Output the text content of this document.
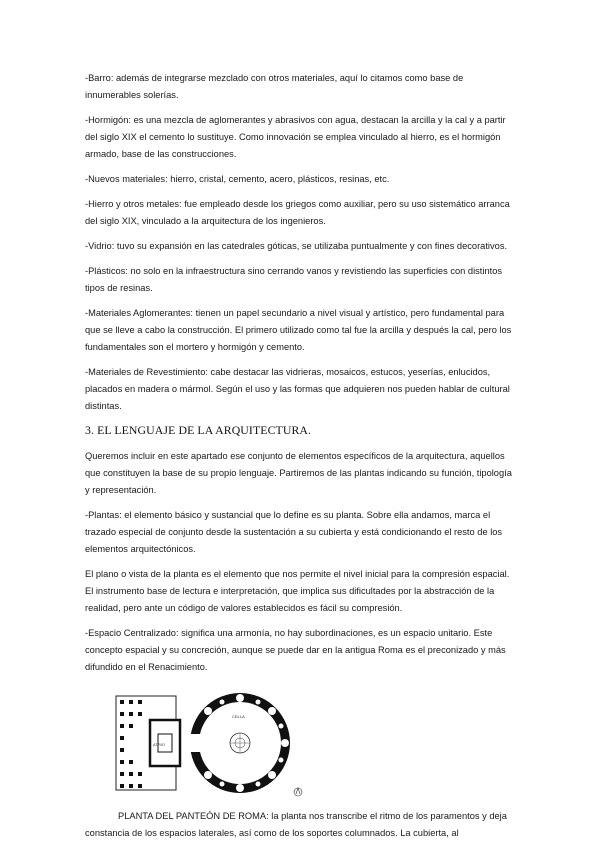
-Barro: además de integrarse mezclado con otros materiales, aquí lo citamos como base de innumerables solerías.

-Hormigón: es una mezcla de aglomerantes y abrasivos con agua, destacan la arcilla y la cal y a partir del siglo XIX el cemento lo sustituye. Como innovación se emplea vinculado al hierro, es el hormigón armado, base de las construcciones.

-Nuevos materiales: hierro, cristal, cemento, acero, plásticos, resinas, etc.

-Hierro y otros metales: fue empleado desde los griegos como auxiliar, pero su uso sistemático arranca del siglo XIX, vinculado a la arquitectura de los ingenieros.

-Vidrio: tuvo su expansión en las catedrales góticas, se utilizaba puntualmente y con fines decorativos.

-Plásticos: no solo en la infraestructura sino cerrando vanos y revistiendo las superficies con distintos tipos de resinas.

-Materiales Aglomerantes: tienen un papel secundario a nivel visual y artístico, pero fundamental para que se lleve a cabo la construcción. El primero utilizado como tal fue la arcilla y después la cal, pero los fundamentales son el mortero y hormigón y cemento.

-Materiales de Revestimiento: cabe destacar las vidrieras, mosaicos, estucos, yeserías, enlucidos, placados en madera o mármol. Según el uso y las formas que adquieren nos pueden hablar de cultural distintas.

3. EL LENGUAJE DE LA ARQUITECTURA.

Queremos incluir en este apartado ese conjunto de elementos específicos de la arquitectura, aquellos que constituyen la base de su propio lenguaje. Partiremos de las plantas indicando su función, tipología y representación.

-Plantas: el elemento básico y sustancial que lo define es su planta. Sobre ella andamos, marca el trazado especial de conjunto desde la sustentación a su cubierta y está condicionando el resto de los elementos arquitectónicos.

El plano o vista de la planta es el elemento que nos permite el nivel inicial para la compresión espacial. El instrumento base de lectura e interpretación, que implica sus dificultades por la abstracción de la realidad, pero ante un código de valores establecidos es fácil su compresión.

-Espacio Centralizado: significa una armonía, no hay subordinaciones, es un espacio unitario. Este concepto espacial y su concreción, aunque se puede dar en la antigua Roma es el preconizado y más difundido en el Renacimiento.

ATRIO
CELLA

PLANTA DEL PANTEÓN DE ROMA: la planta nos transcribe el ritmo de los paramentos y deja constancia de los espacios laterales, así como de los soportes columnados. La cubierta, al
